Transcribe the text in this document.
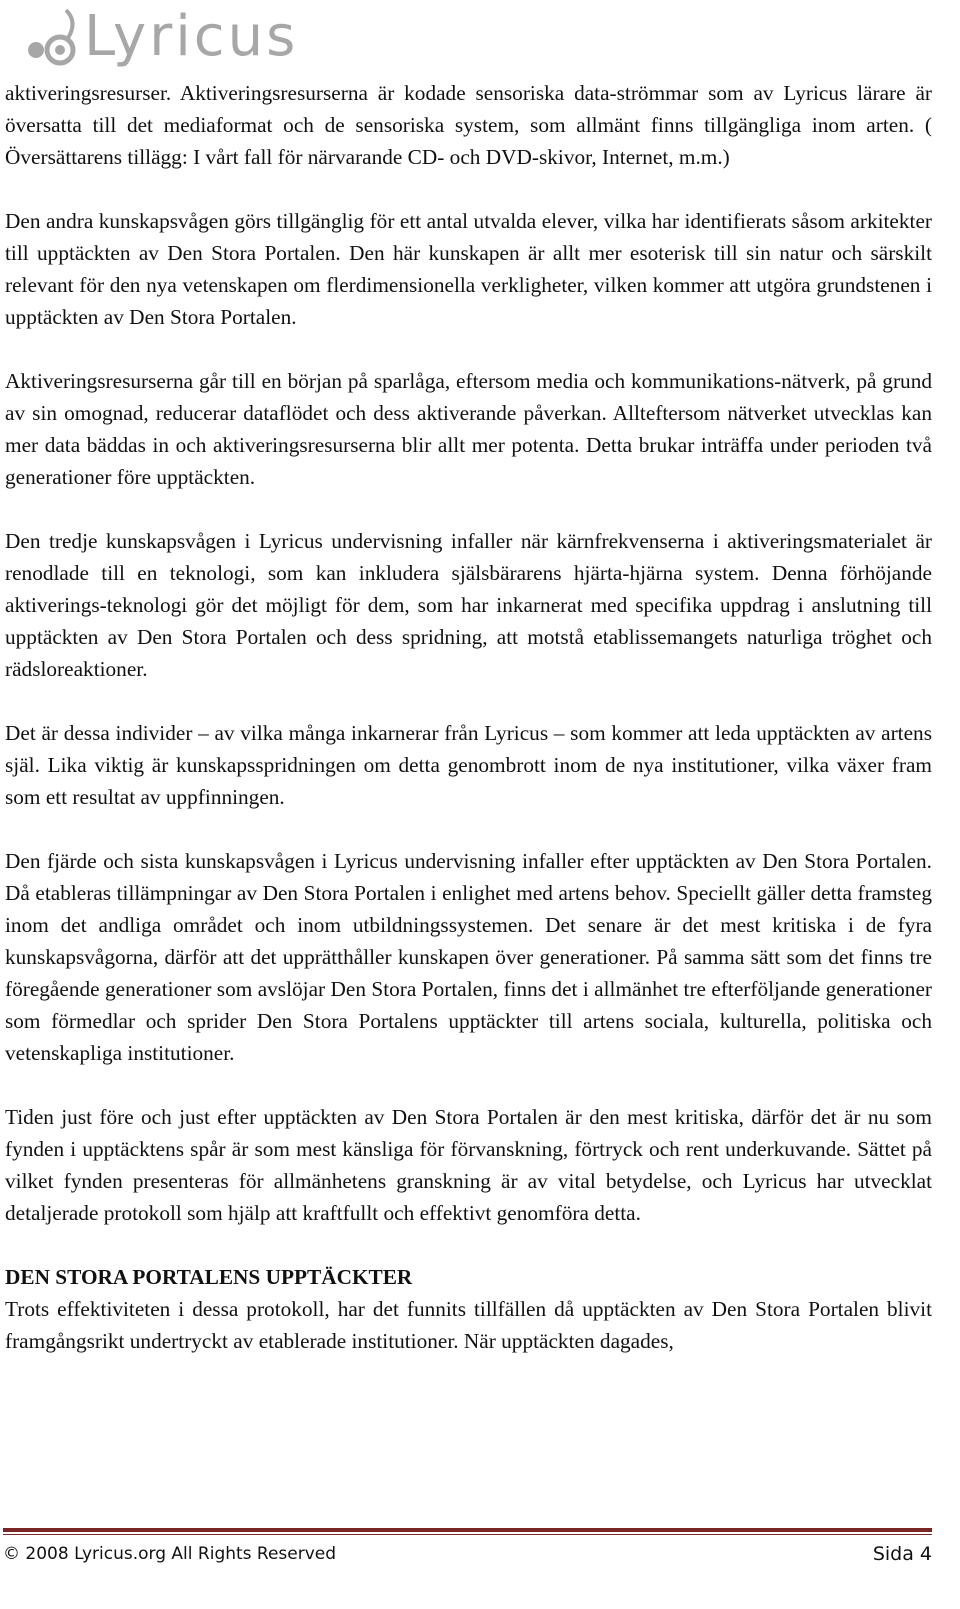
Lyricus

aktiveringsresurser. Aktiveringsresurserna är kodade sensoriska data-strömmar som av Lyricus lärare är översatta till det mediaformat och de sensoriska system, som allmänt finns tillgängliga inom arten. ( Översättarens tillägg: I vårt fall för närvarande CD- och DVD-skivor, Internet, m.m.)

Den andra kunskapsvågen görs tillgänglig för ett antal utvalda elever, vilka har identifierats såsom arkitekter till upptäckten av Den Stora Portalen. Den här kunskapen är allt mer esoterisk till sin natur och särskilt relevant för den nya vetenskapen om flerdimensionella verkligheter, vilken kommer att utgöra grundstenen i upptäckten av Den Stora Portalen.

Aktiveringsresurserna går till en början på sparlåga, eftersom media och kommunikations-nätverk, på grund av sin omognad, reducerar dataflödet och dess aktiverande påverkan. Allteftersom nätverket utvecklas kan mer data bäddas in och aktiveringsresurserna blir allt mer potenta. Detta brukar inträffa under perioden två generationer före upptäckten.

Den tredje kunskapsvågen i Lyricus undervisning infaller när kärnfrekvenserna i aktiveringsmaterialet är renodlade till en teknologi, som kan inkludera själsbärarens hjärta-hjärna system. Denna förhöjande aktiverings-teknologi gör det möjligt för dem, som har inkarnerat med specifika uppdrag i anslutning till upptäckten av Den Stora Portalen och dess spridning, att motstå etablissemangets naturliga tröghet och rädsloreaktioner.

Det är dessa individer – av vilka många inkarnerar från Lyricus – som kommer att leda upptäckten av artens själ. Lika viktig är kunskapsspridningen om detta genombrott inom de nya institutioner, vilka växer fram som ett resultat av uppfinningen.

Den fjärde och sista kunskapsvågen i Lyricus undervisning infaller efter upptäckten av Den Stora Portalen. Då etableras tillämpningar av Den Stora Portalen i enlighet med artens behov. Speciellt gäller detta framsteg inom det andliga området och inom utbildningssystemen. Det senare är det mest kritiska i de fyra kunskapsvågorna, därför att det upprätthåller kunskapen över generationer. På samma sätt som det finns tre föregående generationer som avslöjar Den Stora Portalen, finns det i allmänhet tre efterföljande generationer som förmedlar och sprider Den Stora Portalens upptäckter till artens sociala, kulturella, politiska och vetenskapliga institutioner.

Tiden just före och just efter upptäckten av Den Stora Portalen är den mest kritiska, därför det är nu som fynden i upptäcktens spår är som mest känsliga för förvanskning, förtryck och rent underkuvande. Sättet på vilket fynden presenteras för allmänhetens granskning är av vital betydelse, och Lyricus har utvecklat detaljerade protokoll som hjälp att kraftfullt och effektivt genomföra detta.

DEN STORA PORTALENS UPPTÄCKTER

Trots effektiviteten i dessa protokoll, har det funnits tillfällen då upptäckten av Den Stora Portalen blivit framgångsrikt undertryckt av etablerade institutioner. När upptäckten dagades,

© 2008 Lyricus.org All Rights Reserved	Sida 4
